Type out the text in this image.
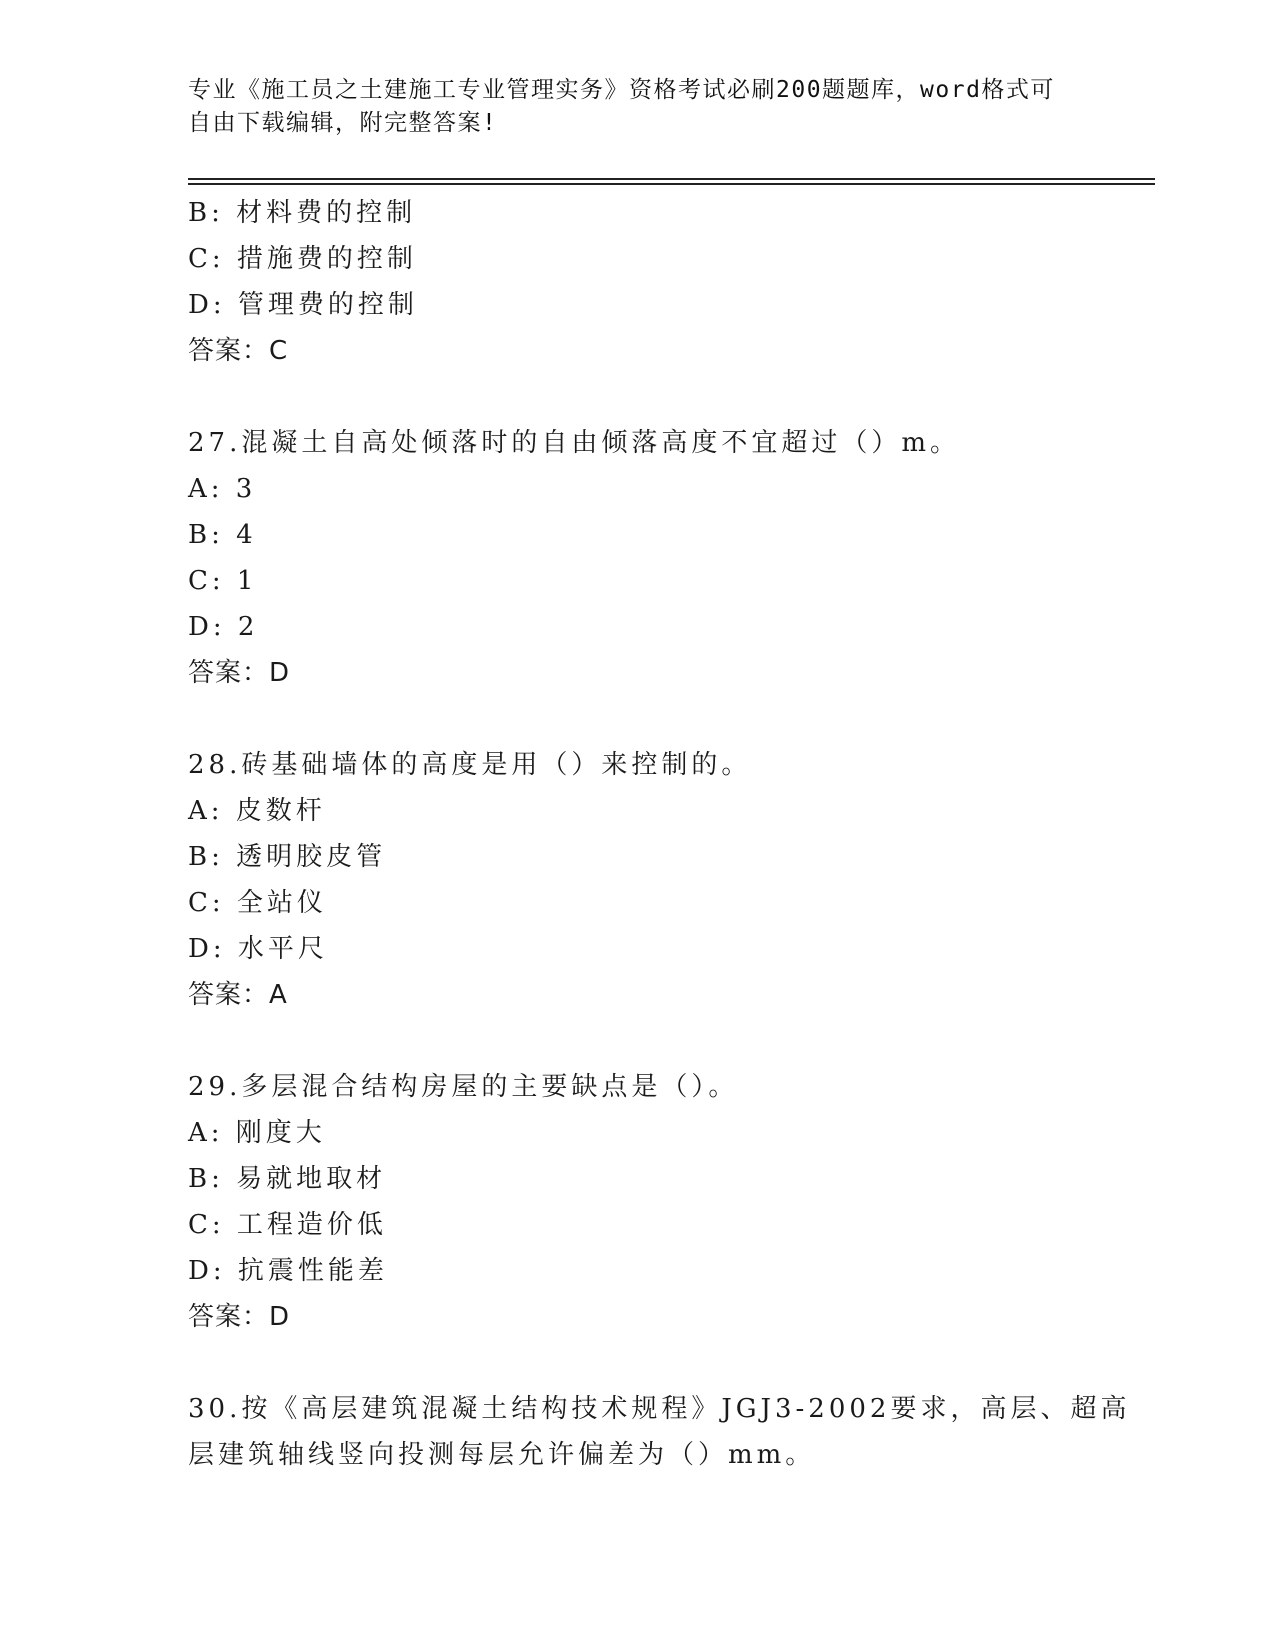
专业《施工员之土建施工专业管理实务》资格考试必刷200题题库，word格式可
自由下载编辑，附完整答案!
B: 材料费的控制
C: 措施费的控制
D: 管理费的控制
答案：C
27.混凝土自高处倾落时的自由倾落高度不宜超过（）m。
A: 3
B: 4
C: 1
D: 2
答案：D
28.砖基础墙体的高度是用（）来控制的。
A: 皮数杆
B: 透明胶皮管
C: 全站仪
D: 水平尺
答案：A
29.多层混合结构房屋的主要缺点是（）。
A: 刚度大
B: 易就地取材
C: 工程造价低
D: 抗震性能差
答案：D
30.按《高层建筑混凝土结构技术规程》JGJ3-2002要求，高层、超高
层建筑轴线竖向投测每层允许偏差为（）mm。
